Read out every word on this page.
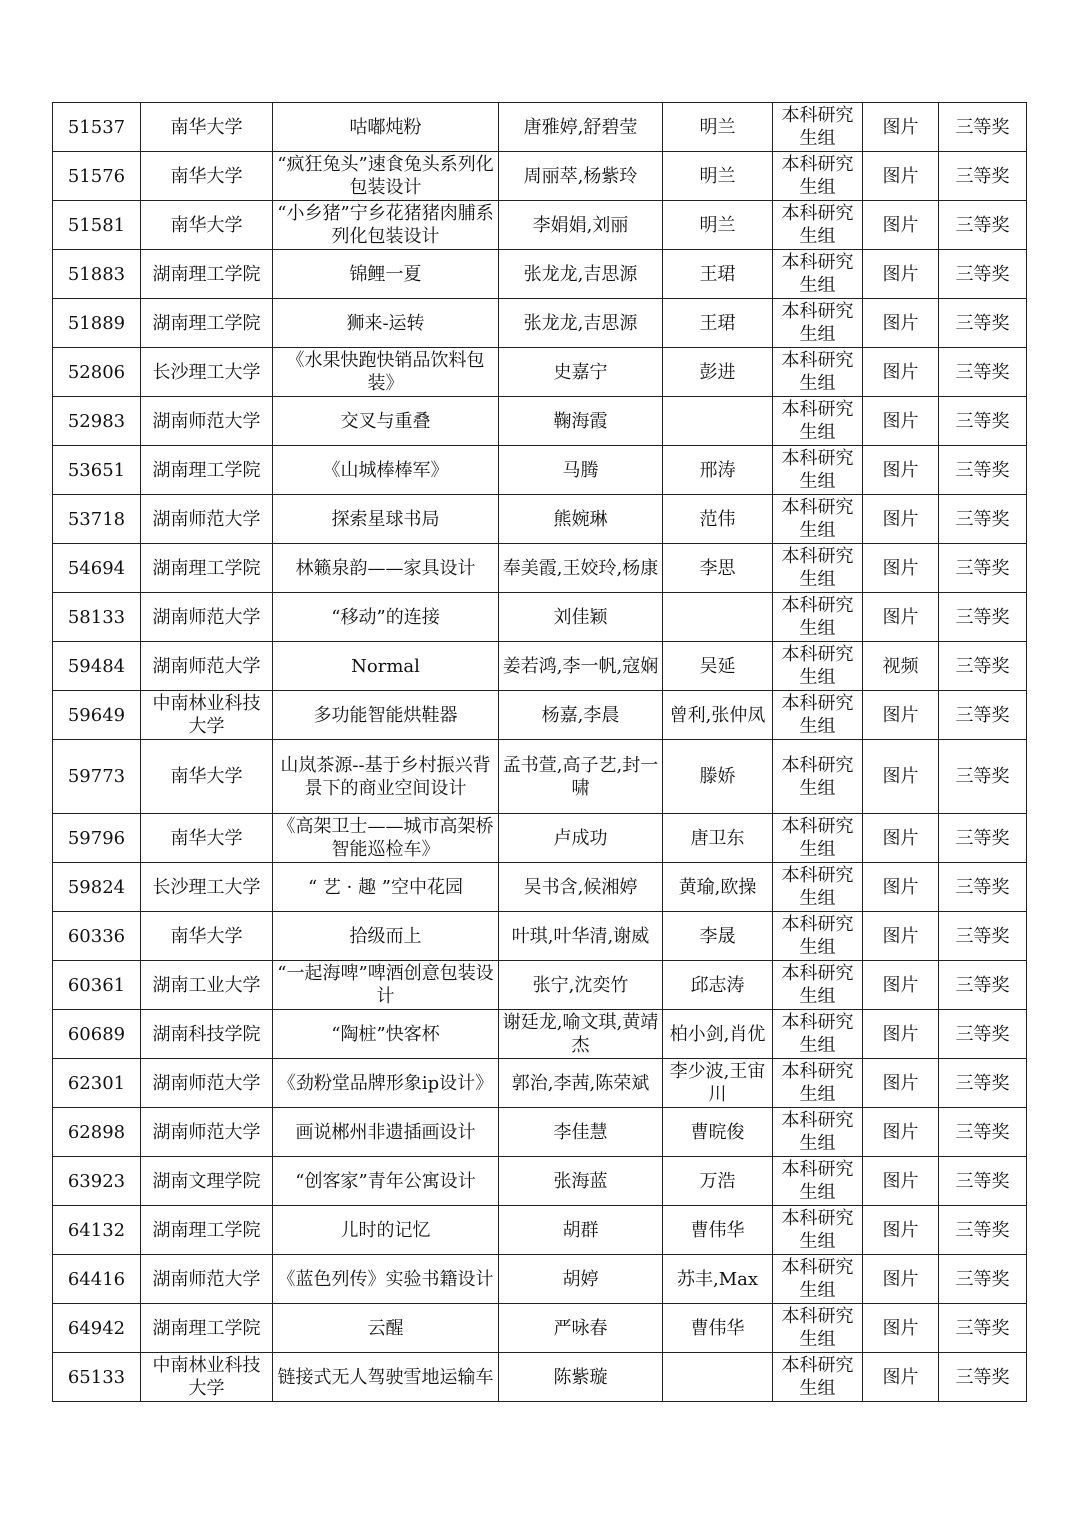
51537	南华大学	咕嘟炖粉	唐雅婷,舒碧莹	明兰	本科研究生组	图片	三等奖
51576	南华大学	“疯狂兔头”速食兔头系列化包装设计	周丽萃,杨紫玲	明兰	本科研究生组	图片	三等奖
51581	南华大学	“小乡猪”宁乡花猪猪肉脯系列化包装设计	李娟娟,刘丽	明兰	本科研究生组	图片	三等奖
51883	湖南理工学院	锦鲤一夏	张龙龙,吉思源	王珺	本科研究生组	图片	三等奖
51889	湖南理工学院	狮来-运转	张龙龙,吉思源	王珺	本科研究生组	图片	三等奖
52806	长沙理工大学	《水果快跑快销品饮料包装》	史嘉宁	彭进	本科研究生组	图片	三等奖
52983	湖南师范大学	交叉与重叠	鞠海霞		本科研究生组	图片	三等奖
53651	湖南理工学院	《山城棒棒军》	马腾	邢涛	本科研究生组	图片	三等奖
53718	湖南师范大学	探索星球书局	熊婉琳	范伟	本科研究生组	图片	三等奖
54694	湖南理工学院	林籁泉韵——家具设计	奉美霞,王姣玲,杨康	李思	本科研究生组	图片	三等奖
58133	湖南师范大学	“移动”的连接	刘佳颖		本科研究生组	图片	三等奖
59484	湖南师范大学	Normal	姜若鸿,李一帆,寇娴	吴延	本科研究生组	视频	三等奖
59649	中南林业科技大学	多功能智能烘鞋器	杨嘉,李晨	曾利,张仲凤	本科研究生组	图片	三等奖
59773	南华大学	山岚茶源--基于乡村振兴背景下的商业空间设计	孟书萱,高子艺,封一啸	滕娇	本科研究生组	图片	三等奖
59796	南华大学	《高架卫士——城市高架桥智能巡检车》	卢成功	唐卫东	本科研究生组	图片	三等奖
59824	长沙理工大学	“ 艺 · 趣 ”空中花园	吴书含,候湘婷	黄瑜,欧操	本科研究生组	图片	三等奖
60336	南华大学	拾级而上	叶琪,叶华清,谢威	李晟	本科研究生组	图片	三等奖
60361	湖南工业大学	“一起海啤”啤酒创意包装设计	张宁,沈奕竹	邱志涛	本科研究生组	图片	三等奖
60689	湖南科技学院	“陶桩”快客杯	谢廷龙,喻文琪,黄靖杰	柏小剑,肖优	本科研究生组	图片	三等奖
62301	湖南师范大学	《劲粉堂品牌形象ip设计》	郭治,李茜,陈荣斌	李少波,王宙川	本科研究生组	图片	三等奖
62898	湖南师范大学	画说郴州非遗插画设计	李佳慧	曹晥俊	本科研究生组	图片	三等奖
63923	湖南文理学院	“创客家”青年公寓设计	张海蓝	万浩	本科研究生组	图片	三等奖
64132	湖南理工学院	儿时的记忆	胡群	曹伟华	本科研究生组	图片	三等奖
64416	湖南师范大学	《蓝色列传》实验书籍设计	胡婷	苏丰,Max	本科研究生组	图片	三等奖
64942	湖南理工学院	云醒	严咏春	曹伟华	本科研究生组	图片	三等奖
65133	中南林业科技大学	链接式无人驾驶雪地运输车	陈紫璇		本科研究生组	图片	三等奖
